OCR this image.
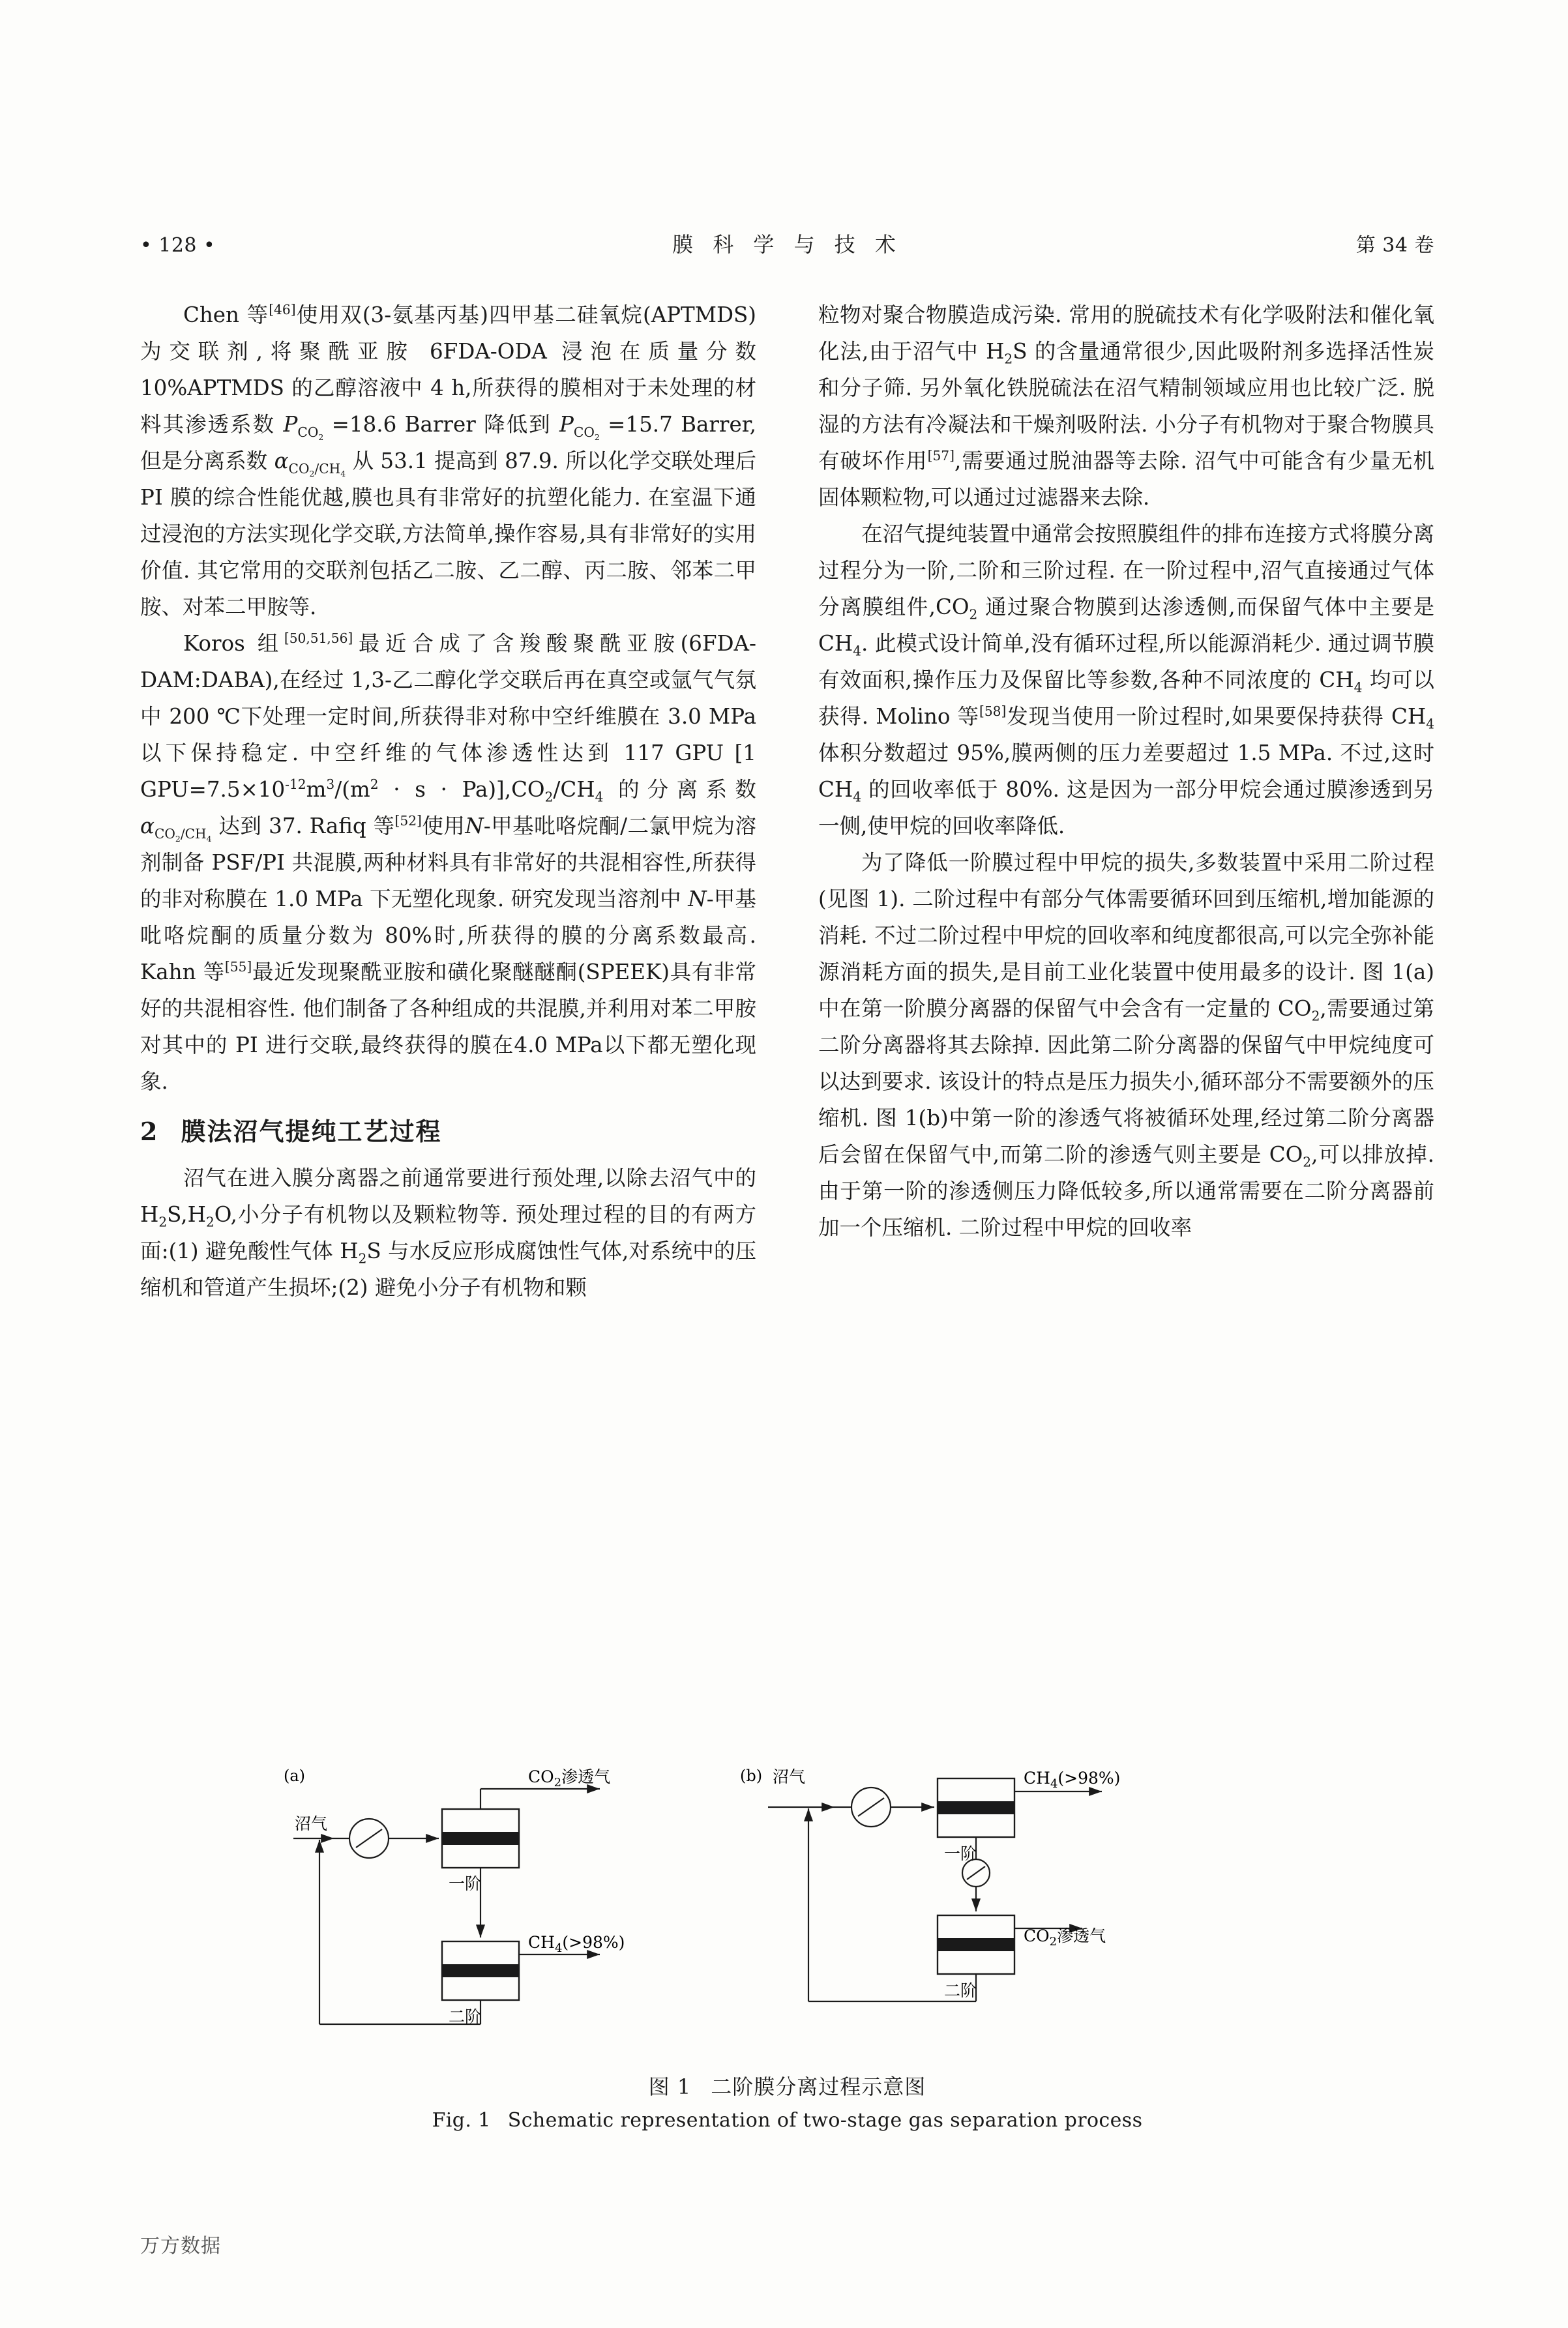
• 128 •	膜 科 学 与 技 术	第 34 卷

Chen 等[46]使用双(3-氨基丙基)四甲基二硅氧烷(APTMDS)为交联剂,将聚酰亚胺 6FDA-ODA 浸泡在质量分数 10%APTMDS 的乙醇溶液中 4 h,所获得的膜相对于未处理的材料其渗透系数 $P_{CO_2} =18.6$ Barrer 降低到 $P_{CO_2} =15.7$ Barrer,但是分离系数 $\alpha_{CO_2/CH_4}$ 从 53.1 提高到 87.9. 所以化学交联处理后 PI 膜的综合性能优越,膜也具有非常好的抗塑化能力. 在室温下通过浸泡的方法实现化学交联,方法简单,操作容易,具有非常好的实用价值. 其它常用的交联剂包括乙二胺、乙二醇、丙二胺、邻苯二甲胺、对苯二甲胺等.

Koros 组[50,51,56]最近合成了含羧酸聚酰亚胺(6FDA-DAM:DABA),在经过 1,3-乙二醇化学交联后再在真空或氩气气氛中 200 ℃下处理一定时间,所获得非对称中空纤维膜在 3.0 MPa 以下保持稳定. 中空纤维的气体渗透性达到 117 GPU [1 $GPU=7.5\times 10^{-12}m^3/(m^2 \cdot s \cdot Pa)],CO_2/CH_4$ 的分离系数 $\alpha_{CO_2/CH_4}$ 达到 37. Rafiq 等[52]使用N-甲基吡咯烷酮/二氯甲烷为溶剂制备 PSF/PI 共混膜,两种材料具有非常好的共混相容性,所获得的非对称膜在 1.0 MPa 下无塑化现象. 研究发现当溶剂中 N-甲基吡咯烷酮的质量分数为 80%时,所获得的膜的分离系数最高. Kahn 等[55]最近发现聚酰亚胺和磺化聚醚醚酮(SPEEK)具有非常好的共混相容性. 他们制备了各种组成的共混膜,并利用对苯二甲胺对其中的 PI 进行交联,最终获得的膜在4.0 MPa以下都无塑化现象.

2 膜法沼气提纯工艺过程

沼气在进入膜分离器之前通常要进行预处理,以除去沼气中的 $H_2S,H_2O$,小分子有机物以及颗粒物等. 预处理过程的目的有两方面:(1) 避免酸性气体 $H_2S$ 与水反应形成腐蚀性气体,对系统中的压缩机和管道产生损坏;(2) 避免小分子有机物和颗

粒物对聚合物膜造成污染. 常用的脱硫技术有化学吸附法和催化氧化法,由于沼气中 $H_2S$ 的含量通常很少,因此吸附剂多选择活性炭和分子筛. 另外氧化铁脱硫法在沼气精制领域应用也比较广泛. 脱湿的方法有冷凝法和干燥剂吸附法. 小分子有机物对于聚合物膜具有破坏作用[57],需要通过脱油器等去除. 沼气中可能含有少量无机固体颗粒物,可以通过过滤器来去除.

在沼气提纯装置中通常会按照膜组件的排布连接方式将膜分离过程分为一阶,二阶和三阶过程. 在一阶过程中,沼气直接通过气体分离膜组件$,CO_2$ 通过聚合物膜到达渗透侧,而保留气体中主要是 $CH_4$. 此模式设计简单,没有循环过程,所以能源消耗少. 通过调节膜有效面积,操作压力及保留比等参数,各种不同浓度的 $CH_4$ 均可以获得. Molino 等[58]发现当使用一阶过程时,如果要保持获得 $CH_4$ 体积分数超过 95%,膜两侧的压力差要超过 1.5 MPa. 不过,这时 $CH_4$ 的回收率低于 80%. 这是因为一部分甲烷会通过膜渗透到另一侧,使甲烷的回收率降低.

为了降低一阶膜过程中甲烷的损失,多数装置中采用二阶过程(见图 1). 二阶过程中有部分气体需要循环回到压缩机,增加能源的消耗. 不过二阶过程中甲烷的回收率和纯度都很高,可以完全弥补能源消耗方面的损失,是目前工业化装置中使用最多的设计. 图 1(a)中在第一阶膜分离器的保留气中会含有一定量的 $CO_2$,需要通过第二阶分离器将其去除掉. 因此第二阶分离器的保留气中甲烷纯度可以达到要求. 该设计的特点是压力损失小,循环部分不需要额外的压缩机. 图 1(b)中第一阶的渗透气将被循环处理,经过第二阶分离器后会留在保留气中,而第二阶的渗透气则主要是 $CO_2$,可以排放掉. 由于第一阶的渗透侧压力降低较多,所以通常需要在二阶分离器前加一个压缩机. 二阶过程中甲烷的回收率

(a)
沼气
一阶
$CO_2$渗透气
二阶
$CH_4(>98\%)$
(b) 沼气
一阶
$CH_4(>98\%)$
二阶
$CO_2$渗透气
图 1 二阶膜分离过程示意图
Fig. 1 Schematic representation of two-stage gas separation process
万方数据
